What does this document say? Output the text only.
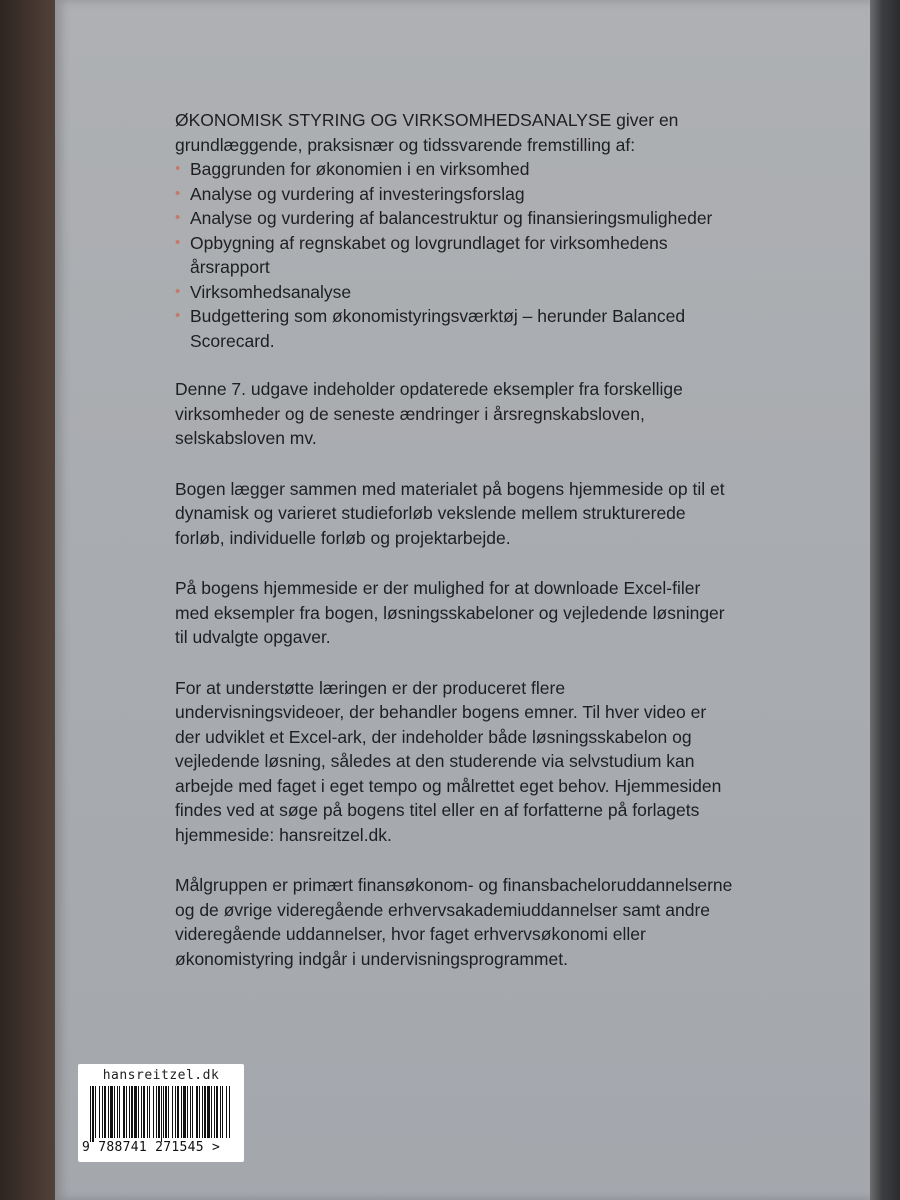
ØKONOMISK STYRING OG VIRKSOMHEDSANALYSE giver en grundlæggende, praksisnær og tidssvarende fremstilling af:

• Baggrunden for økonomien i en virksomhed
• Analyse og vurdering af investeringsforslag
• Analyse og vurdering af balancestruktur og finansieringsmuligheder
• Opbygning af regnskabet og lovgrundlaget for virksomhedens årsrapport
• Virksomhedsanalyse
• Budgettering som økonomistyringsværktøj – herunder Balanced Scorecard.

Denne 7. udgave indeholder opdaterede eksempler fra forskellige virksomheder og de seneste ændringer i årsregnskabsloven, selskabsloven mv.

Bogen lægger sammen med materialet på bogens hjemmeside op til et dynamisk og varieret studieforløb vekslende mellem strukturerede forløb, individuelle forløb og projektarbejde.

På bogens hjemmeside er der mulighed for at downloade Excel-filer med eksempler fra bogen, løsningsskabeloner og vejledende løsninger til udvalgte opgaver.

For at understøtte læringen er der produceret flere undervisningsvideoer, der behandler bogens emner. Til hver video er der udviklet et Excel-ark, der indeholder både løsningsskabelon og vejledende løsning, således at den studerende via selvstudium kan arbejde med faget i eget tempo og målrettet eget behov. Hjemmesiden findes ved at søge på bogens titel eller en af forfatterne på forlagets hjemmeside: hansreitzel.dk.

Målgruppen er primært finansøkonom- og finansbacheloruddannelserne og de øvrige videregående erhvervsakademiuddannelser samt andre videregående uddannelser, hvor faget erhvervsøkonomi eller økonomistyring indgår i undervisningsprogrammet.

hansreitzel.dk
9 788741 271545 >
